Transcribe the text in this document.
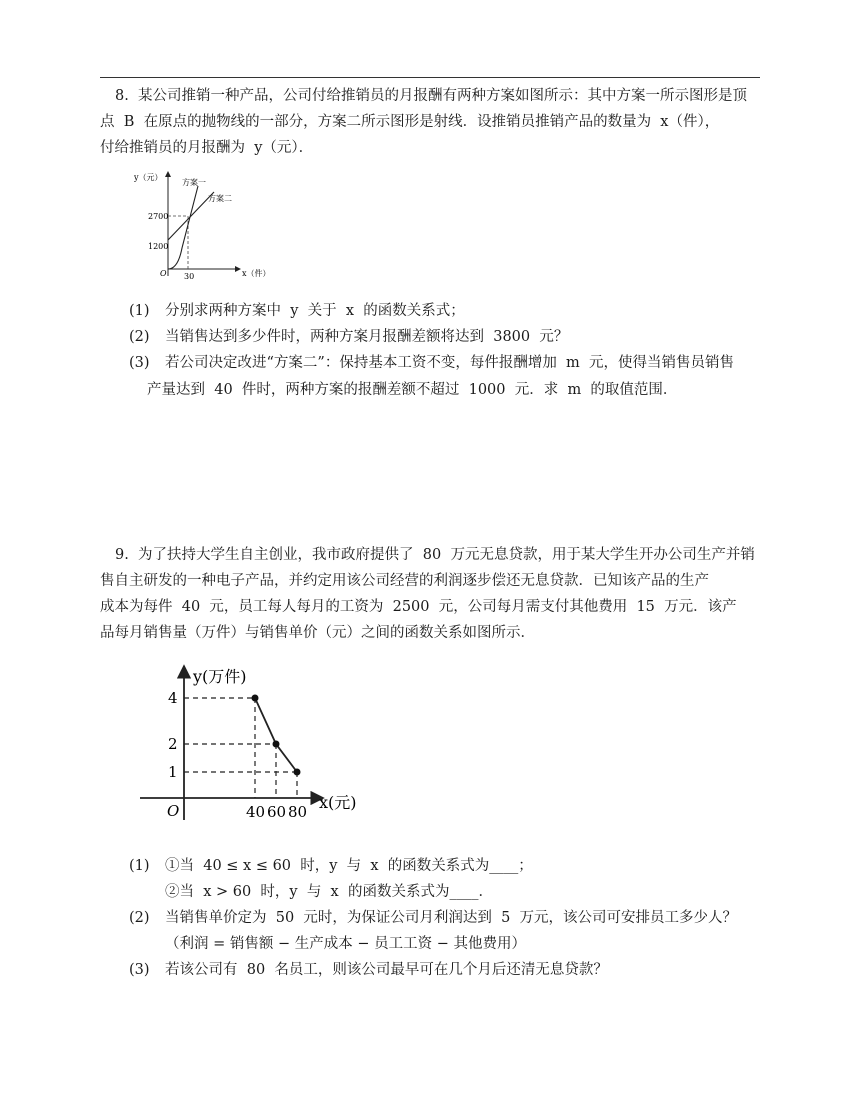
8.  某公司推销一种产品，公司付给推销员的月报酬有两种方案如图所示：其中方案一所示图形是顶
点  B  在原点的抛物线的一部分，方案二所示图形是射线．设推销员推销产品的数量为  x（件），
付给推销员的月报酬为  y（元）．
y（元）
x（件）
O
2700
1200
30
方案一
方案二
(1) 分别求两种方案中  y  关于  x  的函数关系式；
(2) 当销售达到多少件时，两种方案月报酬差额将达到  3800  元？
(3) 若公司决定改进“方案二”：保持基本工资不变，每件报酬增加  m  元，使得当销售员销售
产量达到  40  件时，两种方案的报酬差额不超过  1000  元．求  m  的取值范围．
9.  为了扶持大学生自主创业，我市政府提供了  80  万元无息贷款，用于某大学生开办公司生产并销
售自主研发的一种电子产品，并约定用该公司经营的利润逐步偿还无息贷款．已知该产品的生产
成本为每件  40  元，员工每人每月的工资为  2500  元，公司每月需支付其他费用  15  万元．该产
品每月销售量（万件）与销售单价（元）之间的函数关系如图所示．
y(万件)
x(元)
O
4
2
1
40 60 80
(1) ①当  40 ≤ x ≤ 60  时，y  与  x  的函数关系式为____；
②当  x > 60  时，y  与  x  的函数关系式为____．
(2) 当销售单价定为  50  元时，为保证公司月利润达到  5  万元，该公司可安排员工多少人？
（利润 = 销售额 − 生产成本 − 员工工资 − 其他费用）
(3) 若该公司有  80  名员工，则该公司最早可在几个月后还清无息贷款？
